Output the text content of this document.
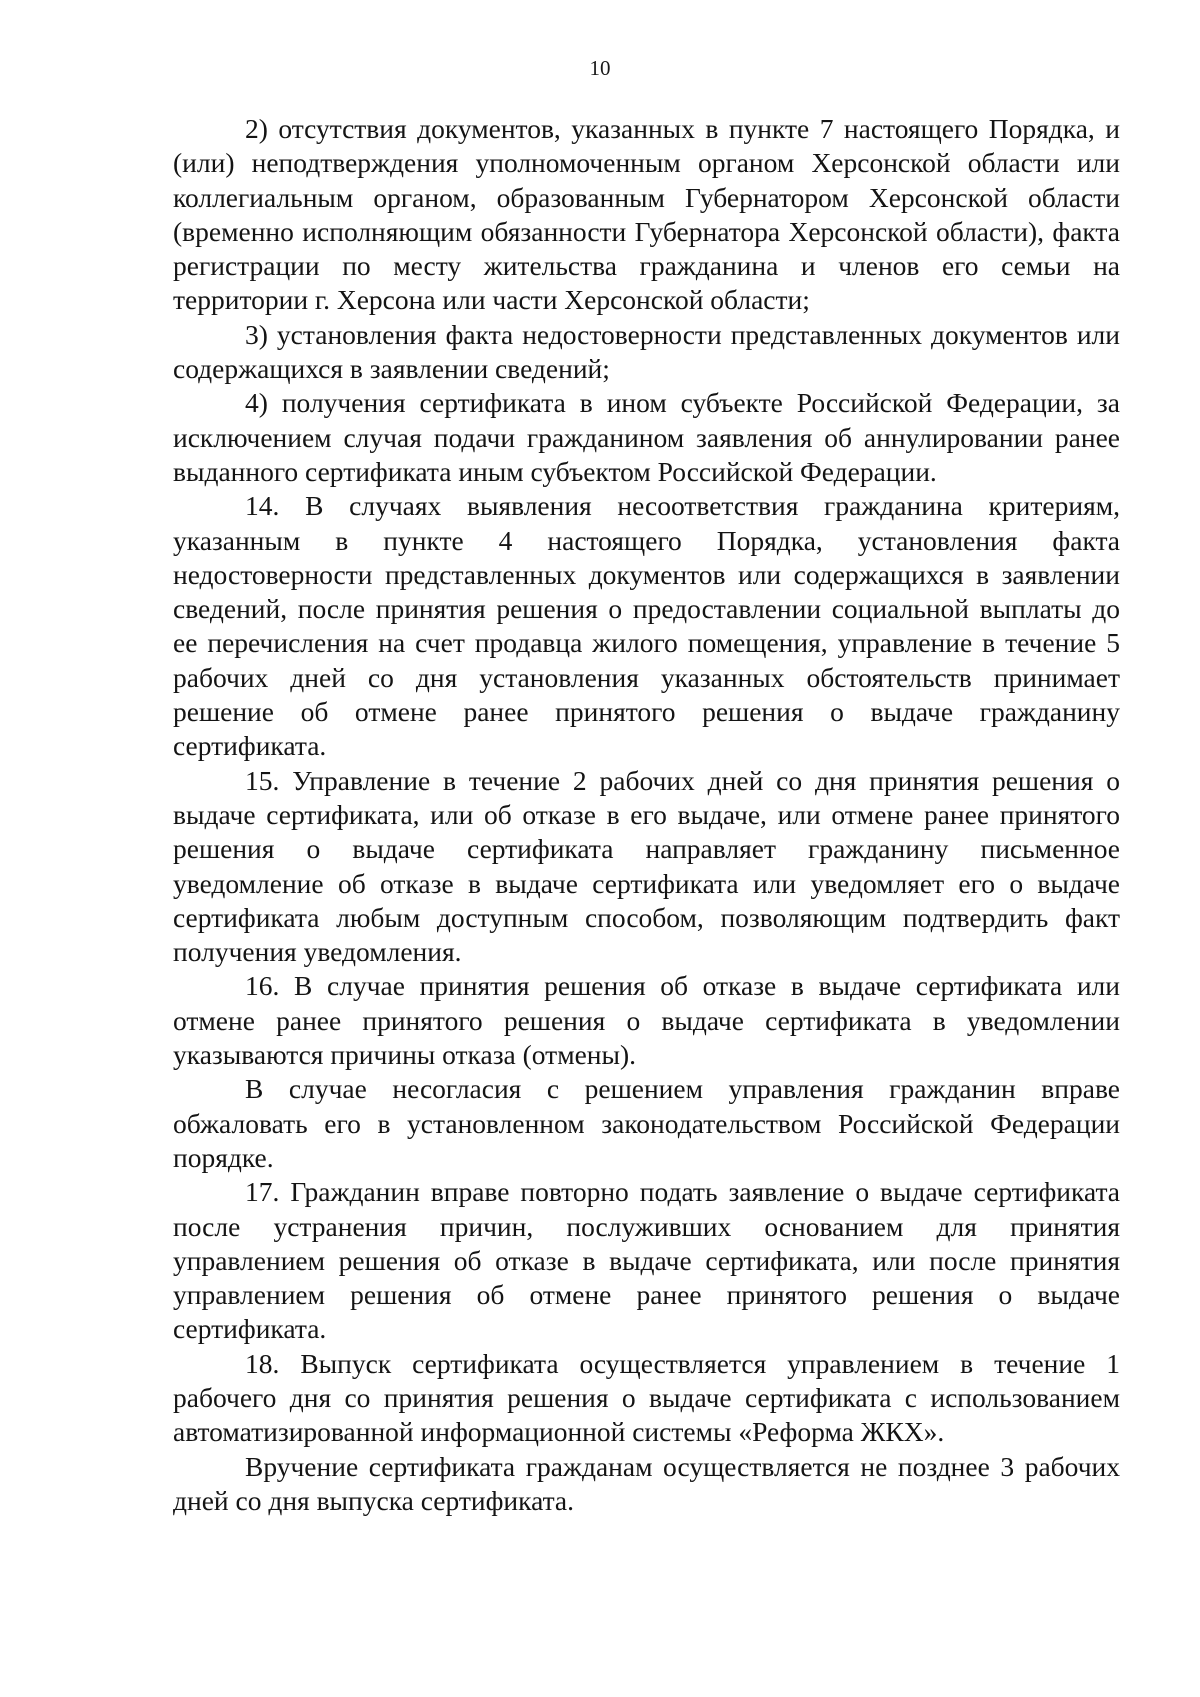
10

2) отсутствия документов, указанных в пункте 7 настоящего Порядка, и (или) неподтверждения уполномоченным органом Херсонской области или коллегиальным органом, образованным Губернатором Херсонской области (временно исполняющим обязанности Губернатора Херсонской области), факта регистрации по месту жительства гражданина и членов его семьи на территории г. Херсона или части Херсонской области;

3) установления факта недостоверности представленных документов или содержащихся в заявлении сведений;

4) получения сертификата в ином субъекте Российской Федерации, за исключением случая подачи гражданином заявления об аннулировании ранее выданного сертификата иным субъектом Российской Федерации.

14. В случаях выявления несоответствия гражданина критериям, указанным в пункте 4 настоящего Порядка, установления факта недостоверности представленных документов или содержащихся в заявлении сведений, после принятия решения о предоставлении социальной выплаты до ее перечисления на счет продавца жилого помещения, управление в течение 5 рабочих дней со дня установления указанных обстоятельств принимает решение об отмене ранее принятого решения о выдаче гражданину сертификата.

15. Управление в течение 2 рабочих дней со дня принятия решения о выдаче сертификата, или об отказе в его выдаче, или отмене ранее принятого решения о выдаче сертификата направляет гражданину письменное уведомление об отказе в выдаче сертификата или уведомляет его о выдаче сертификата любым доступным способом, позволяющим подтвердить факт получения уведомления.

16. В случае принятия решения об отказе в выдаче сертификата или отмене ранее принятого решения о выдаче сертификата в уведомлении указываются причины отказа (отмены).

В случае несогласия с решением управления гражданин вправе обжаловать его в установленном законодательством Российской Федерации порядке.

17. Гражданин вправе повторно подать заявление о выдаче сертификата после устранения причин, послуживших основанием для принятия управлением решения об отказе в выдаче сертификата, или после принятия управлением решения об отмене ранее принятого решения о выдаче сертификата.

18. Выпуск сертификата осуществляется управлением в течение 1 рабочего дня со принятия решения о выдаче сертификата с использованием автоматизированной информационной системы «Реформа ЖКХ».

Вручение сертификата гражданам осуществляется не позднее 3 рабочих дней со дня выпуска сертификата.
